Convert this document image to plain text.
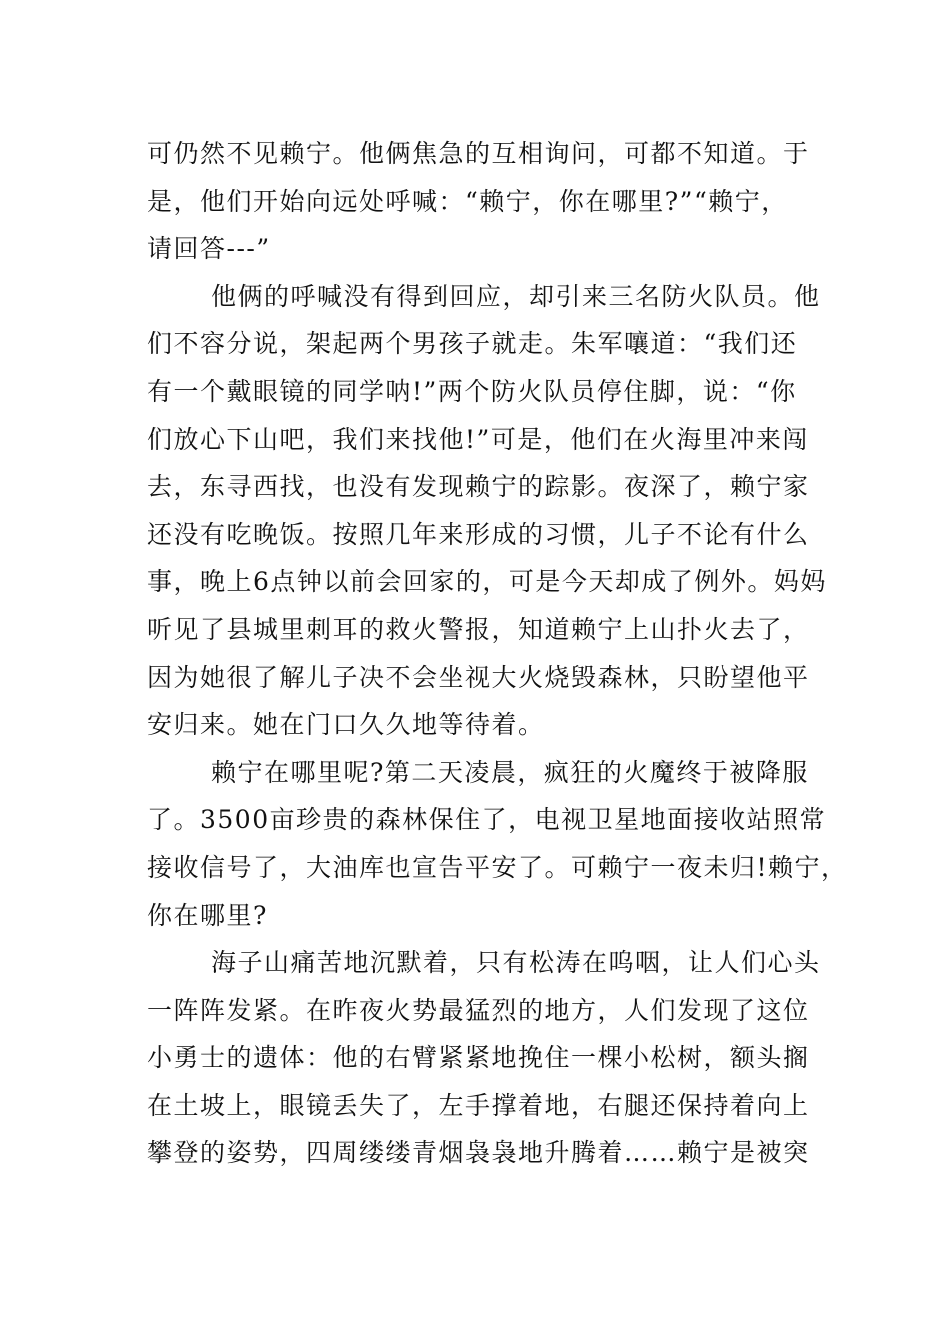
可仍然不见赖宁。他俩焦急的互相询问，可都不知道。于
是，他们开始向远处呼喊：“赖宁，你在哪里?”“赖宁，
请回答---”
他俩的呼喊没有得到回应，却引来三名防火队员。他
们不容分说，架起两个男孩子就走。朱军嚷道：“我们还
有一个戴眼镜的同学呐!”两个防火队员停住脚，说：“你
们放心下山吧，我们来找他!”可是，他们在火海里冲来闯
去，东寻西找，也没有发现赖宁的踪影。夜深了，赖宁家
还没有吃晚饭。按照几年来形成的习惯，儿子不论有什么
事，晚上6点钟以前会回家的，可是今天却成了例外。妈妈
听见了县城里刺耳的救火警报，知道赖宁上山扑火去了，
因为她很了解儿子决不会坐视大火烧毁森林，只盼望他平
安归来。她在门口久久地等待着。
赖宁在哪里呢?第二天凌晨，疯狂的火魔终于被降服
了。3500亩珍贵的森林保住了，电视卫星地面接收站照常
接收信号了，大油库也宣告平安了。可赖宁一夜未归!赖宁，
你在哪里?
海子山痛苦地沉默着，只有松涛在呜咽，让人们心头
一阵阵发紧。在昨夜火势最猛烈的地方，人们发现了这位
小勇士的遗体：他的右臂紧紧地挽住一棵小松树，额头搁
在土坡上，眼镜丢失了，左手撑着地，右腿还保持着向上
攀登的姿势，四周缕缕青烟袅袅地升腾着……赖宁是被突
